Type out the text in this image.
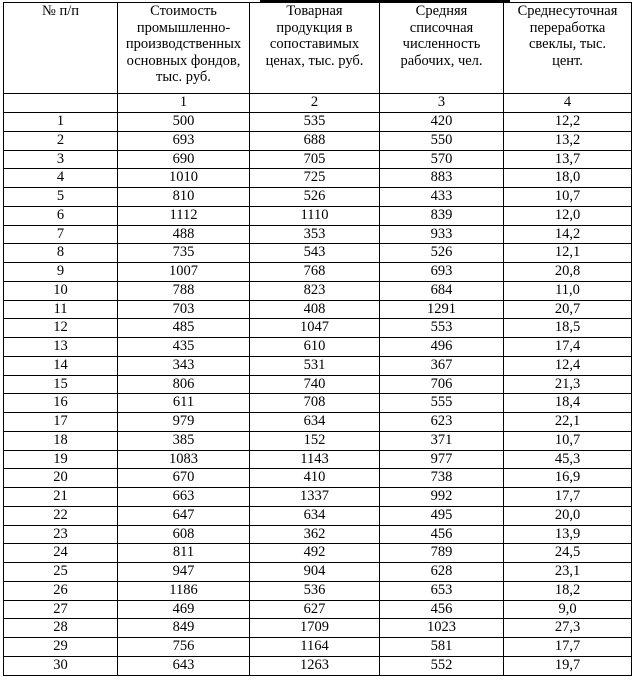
№ п/п	Стоимость
промышленно-
производственных
основных фондов,
тыс. руб.	Товарная
продукция в
сопоставимых
ценах, тыс. руб.	Средняя
списочная
численность
рабочих, чел.	Среднесуточная
переработка
свеклы, тыс.
цент.

	1	2	3	4
1	500	535	420	12,2
2	693	688	550	13,2
3	690	705	570	13,7
4	1010	725	883	18,0
5	810	526	433	10,7
6	1112	1110	839	12,0
7	488	353	933	14,2
8	735	543	526	12,1
9	1007	768	693	20,8
10	788	823	684	11,0
11	703	408	1291	20,7
12	485	1047	553	18,5
13	435	610	496	17,4
14	343	531	367	12,4
15	806	740	706	21,3
16	611	708	555	18,4
17	979	634	623	22,1
18	385	152	371	10,7
19	1083	1143	977	45,3
20	670	410	738	16,9
21	663	1337	992	17,7
22	647	634	495	20,0
23	608	362	456	13,9
24	811	492	789	24,5
25	947	904	628	23,1
26	1186	536	653	18,2
27	469	627	456	9,0
28	849	1709	1023	27,3
29	756	1164	581	17,7
30	643	1263	552	19,7
